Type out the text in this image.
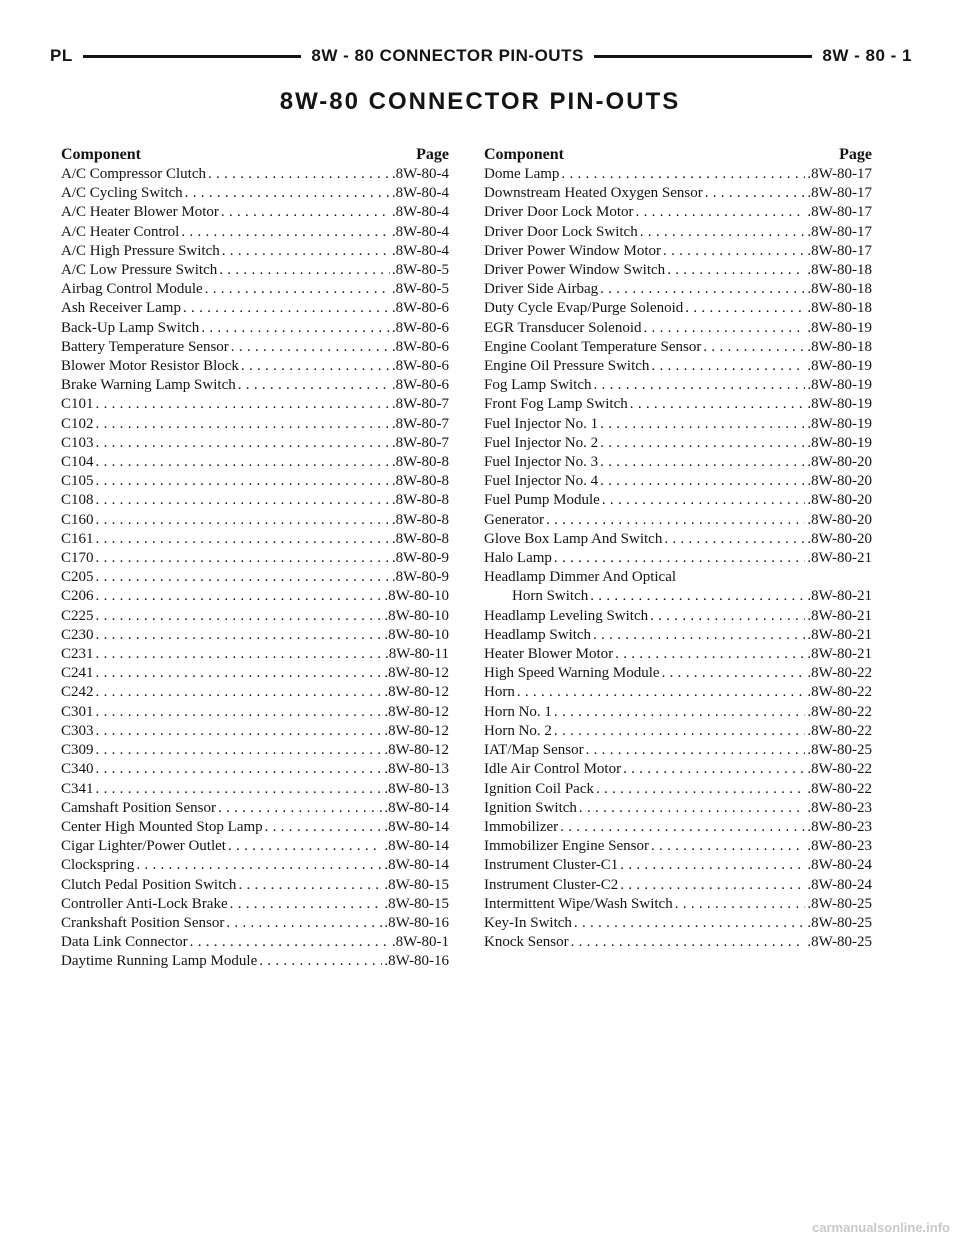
PL	8W - 80 CONNECTOR PIN-OUTS	8W - 80 - 1
8W-80 CONNECTOR PIN-OUTS
Component	Page
A/C Compressor Clutch .....	.8W-80-4
A/C Cycling Switch .....	.8W-80-4
A/C Heater Blower Motor .....	.8W-80-4
A/C Heater Control .....	.8W-80-4
A/C High Pressure Switch .....	.8W-80-4
A/C Low Pressure Switch .....	.8W-80-5
Airbag Control Module .....	.8W-80-5
Ash Receiver Lamp .....	.8W-80-6
Back-Up Lamp Switch .....	.8W-80-6
Battery Temperature Sensor .....	.8W-80-6
Blower Motor Resistor Block .....	.8W-80-6
Brake Warning Lamp Switch .....	.8W-80-6
C101 .....	.8W-80-7
C102 .....	.8W-80-7
C103 .....	.8W-80-7
C104 .....	.8W-80-8
C105 .....	.8W-80-8
C108 .....	.8W-80-8
C160 .....	.8W-80-8
C161 .....	.8W-80-8
C170 .....	.8W-80-9
C205 .....	.8W-80-9
C206 .....	.8W-80-10
C225 .....	.8W-80-10
C230 .....	.8W-80-10
C231 .....	.8W-80-11
C241 .....	.8W-80-12
C242 .....	.8W-80-12
C301 .....	.8W-80-12
C303 .....	.8W-80-12
C309 .....	.8W-80-12
C340 .....	.8W-80-13
C341 .....	.8W-80-13
Camshaft Position Sensor .....	.8W-80-14
Center High Mounted Stop Lamp .....	.8W-80-14
Cigar Lighter/Power Outlet .....	.8W-80-14
Clockspring .....	.8W-80-14
Clutch Pedal Position Switch .....	.8W-80-15
Controller Anti-Lock Brake .....	.8W-80-15
Crankshaft Position Sensor .....	.8W-80-16
Data Link Connector .....	.8W-80-1
Daytime Running Lamp Module .....	.8W-80-16
Component	Page
Dome Lamp .....	.8W-80-17
Downstream Heated Oxygen Sensor .....	.8W-80-17
Driver Door Lock Motor .....	.8W-80-17
Driver Door Lock Switch .....	.8W-80-17
Driver Power Window Motor .....	.8W-80-17
Driver Power Window Switch .....	.8W-80-18
Driver Side Airbag .....	.8W-80-18
Duty Cycle Evap/Purge Solenoid .....	.8W-80-18
EGR Transducer Solenoid .....	.8W-80-19
Engine Coolant Temperature Sensor .....	.8W-80-18
Engine Oil Pressure Switch .....	.8W-80-19
Fog Lamp Switch .....	.8W-80-19
Front Fog Lamp Switch .....	.8W-80-19
Fuel Injector No. 1 .....	.8W-80-19
Fuel Injector No. 2 .....	.8W-80-19
Fuel Injector No. 3 .....	.8W-80-20
Fuel Injector No. 4 .....	.8W-80-20
Fuel Pump Module .....	.8W-80-20
Generator .....	.8W-80-20
Glove Box Lamp And Switch .....	.8W-80-20
Halo Lamp .....	.8W-80-21
Headlamp Dimmer And Optical
Horn Switch .....	.8W-80-21
Headlamp Leveling Switch .....	.8W-80-21
Headlamp Switch .....	.8W-80-21
Heater Blower Motor .....	.8W-80-21
High Speed Warning Module .....	.8W-80-22
Horn .....	.8W-80-22
Horn No. 1 .....	.8W-80-22
Horn No. 2 .....	.8W-80-22
IAT/Map Sensor .....	.8W-80-25
Idle Air Control Motor .....	.8W-80-22
Ignition Coil Pack .....	.8W-80-22
Ignition Switch .....	.8W-80-23
Immobilizer .....	.8W-80-23
Immobilizer Engine Sensor .....	.8W-80-23
Instrument Cluster-C1 .....	.8W-80-24
Instrument Cluster-C2 .....	.8W-80-24
Intermittent Wipe/Wash Switch .....	.8W-80-25
Key-In Switch .....	.8W-80-25
Knock Sensor .....	.8W-80-25
carmanualsonline.info
